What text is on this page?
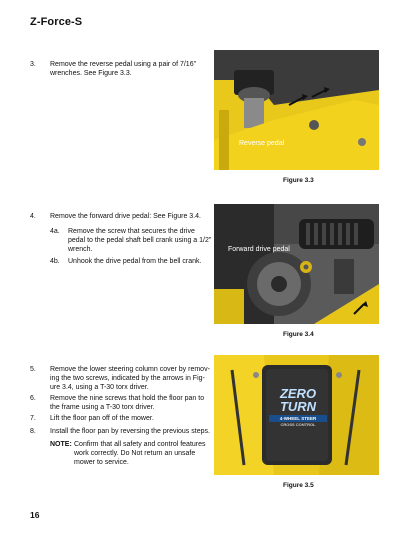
Z-Force-S
3. Remove the reverse pedal using a pair of 7/16"
wrenches. See Figure 3.3.
Reverse pedal
Figure 3.3
4. Remove the forward drive pedal: See Figure 3.4.
4a. Remove the screw that secures the drive
pedal to the pedal shaft bell crank using a 1/2"
wrench.
4b. Unhook the drive pedal from the bell crank.
Forward drive pedal
Figure 3.4
5. Remove the lower steering column cover by remov-
ing the two screws, indicated by the arrows in Fig-
ure 3.4, using a T-30 torx driver.
6. Remove the nine screws that hold the floor pan to
the frame using a T-30 torx driver.
7. Lift the floor pan off of the mower.
8. Install the floor pan by reversing the previous steps.
NOTE: Confirm that all safety and control features
work correctly. Do Not return an unsafe
mower to service.
ZERO
TURN
4-WHEEL STEER
CROSS CONTROL
Figure 3.5
16
